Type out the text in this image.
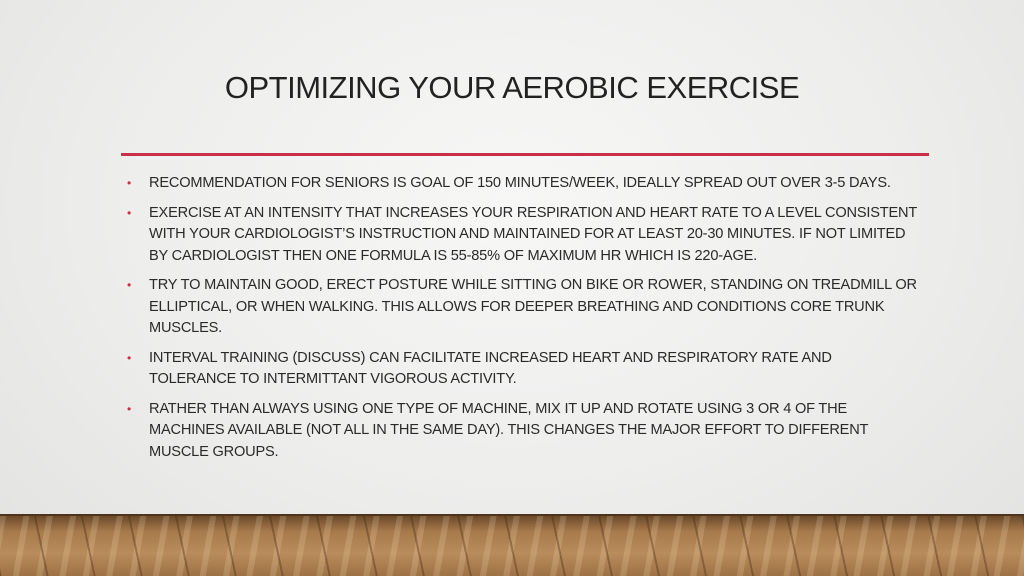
OPTIMIZING YOUR AEROBIC EXERCISE
• RECOMMENDATION FOR SENIORS IS GOAL OF 150 MINUTES/WEEK, IDEALLY SPREAD OUT OVER 3-5 DAYS.
• EXERCISE AT AN INTENSITY THAT INCREASES YOUR RESPIRATION AND HEART RATE TO A LEVEL CONSISTENT WITH YOUR CARDIOLOGIST’S INSTRUCTION AND MAINTAINED FOR AT LEAST 20-30 MINUTES. IF NOT LIMITED BY CARDIOLOGIST THEN ONE FORMULA IS 55-85% OF MAXIMUM HR WHICH IS 220-AGE.
• TRY TO MAINTAIN GOOD, ERECT POSTURE WHILE SITTING ON BIKE OR ROWER, STANDING ON TREADMILL OR ELLIPTICAL, OR WHEN WALKING. THIS ALLOWS FOR DEEPER BREATHING AND CONDITIONS CORE TRUNK MUSCLES.
• INTERVAL TRAINING (DISCUSS) CAN FACILITATE INCREASED HEART AND RESPIRATORY RATE AND TOLERANCE TO INTERMITTANT VIGOROUS ACTIVITY.
• RATHER THAN ALWAYS USING ONE TYPE OF MACHINE, MIX IT UP AND ROTATE USING 3 OR 4 OF THE MACHINES AVAILABLE (NOT ALL IN THE SAME DAY). THIS CHANGES THE MAJOR EFFORT TO DIFFERENT MUSCLE GROUPS.
